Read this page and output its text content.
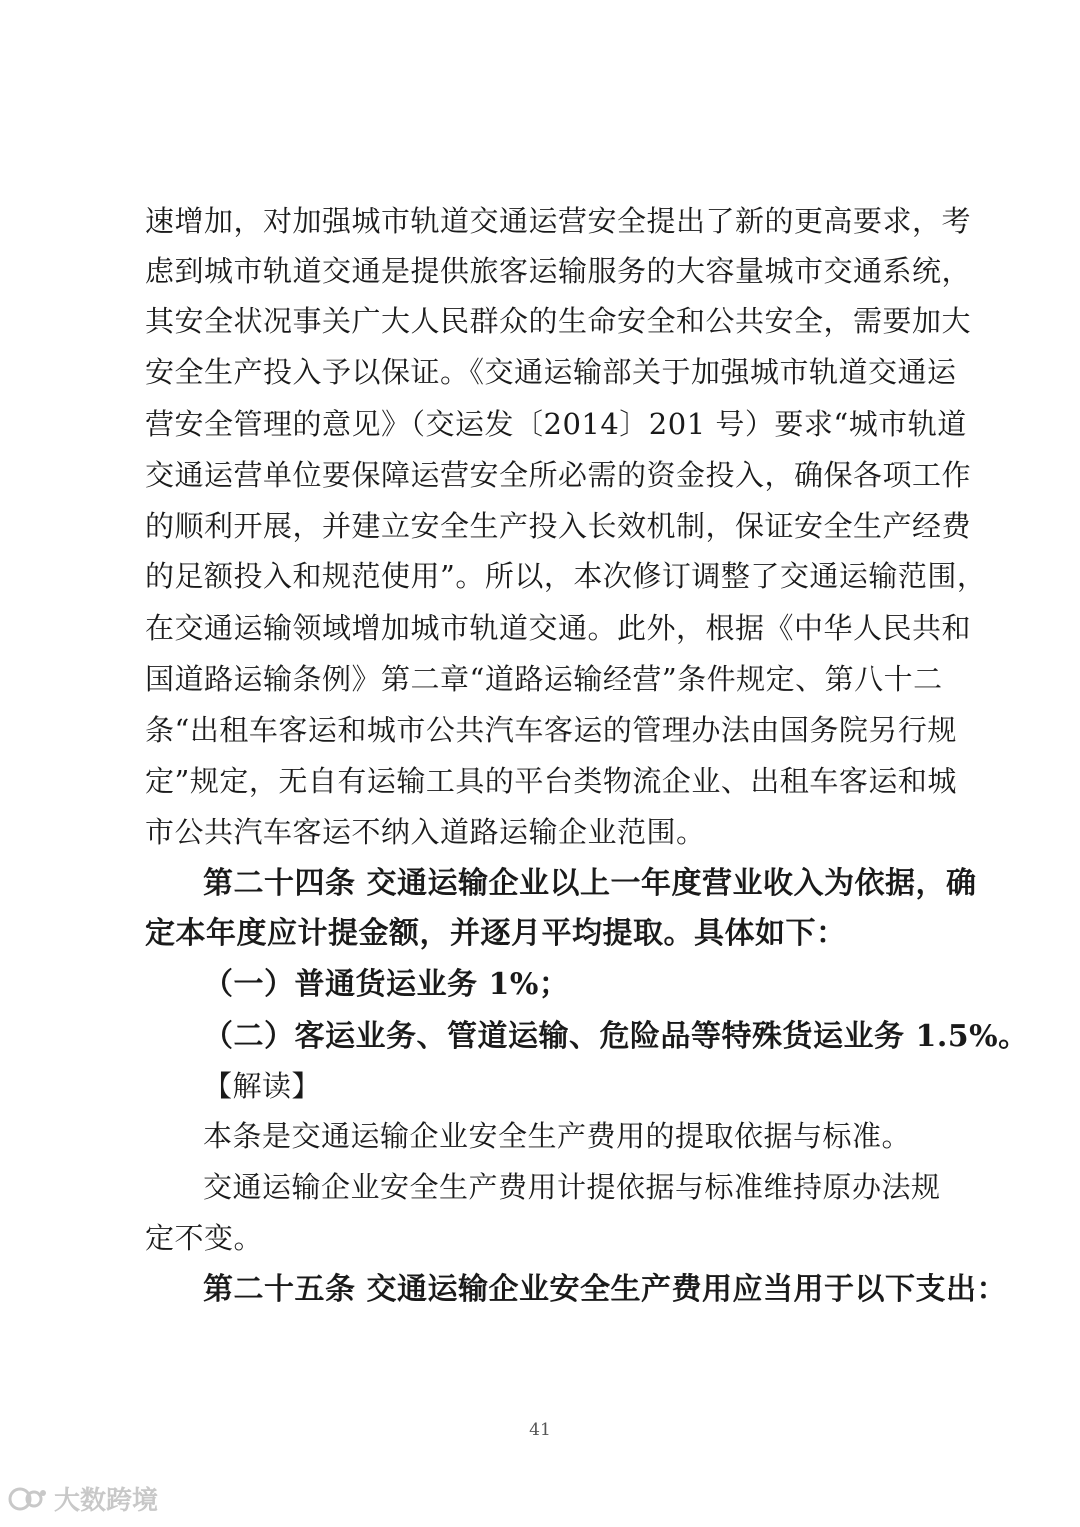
速增加，对加强城市轨道交通运营安全提出了新的更高要求，考
虑到城市轨道交通是提供旅客运输服务的大容量城市交通系统，
其安全状况事关广大人民群众的生命安全和公共安全，需要加大
安全生产投入予以保证。《交通运输部关于加强城市轨道交通运
营安全管理的意见》（交运发〔2014〕201 号）要求“城市轨道
交通运营单位要保障运营安全所必需的资金投入，确保各项工作
的顺利开展，并建立安全生产投入长效机制，保证安全生产经费
的足额投入和规范使用”。所以，本次修订调整了交通运输范围，
在交通运输领域增加城市轨道交通。此外，根据《中华人民共和
国道路运输条例》第二章“道路运输经营”条件规定、第八十二
条“出租车客运和城市公共汽车客运的管理办法由国务院另行规
定”规定，无自有运输工具的平台类物流企业、出租车客运和城
市公共汽车客运不纳入道路运输企业范围。
第二十四条 交通运输企业以上一年度营业收入为依据，确
定本年度应计提金额，并逐月平均提取。具体如下：
（一）普通货运业务 1%；
（二）客运业务、管道运输、危险品等特殊货运业务 1.5%。
【解读】
本条是交通运输企业安全生产费用的提取依据与标准。
交通运输企业安全生产费用计提依据与标准维持原办法规
定不变。
第二十五条 交通运输企业安全生产费用应当用于以下支出：
41
大数跨境
